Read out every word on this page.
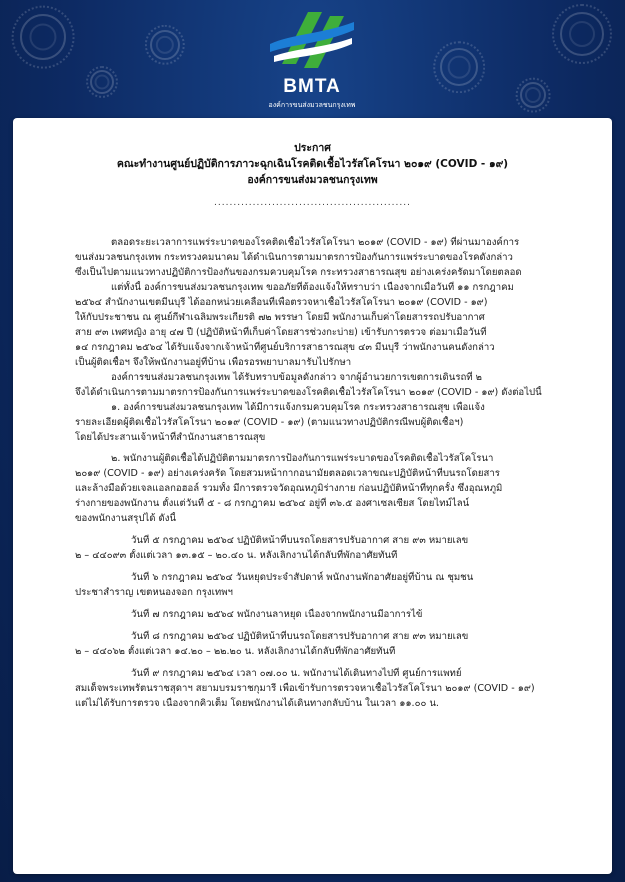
BMTA
องค์การขนส่งมวลชนกรุงเทพ
ประกาศ
คณะทำงานศูนย์ปฏิบัติการภาวะฉุกเฉินโรคติดเชื้อไวรัสโคโรนา ๒๐๑๙ (COVID - ๑๙)
องค์การขนส่งมวลชนกรุงเทพ
...................................................
ตลอดระยะเวลาการแพร่ระบาดของโรคติดเชื้อไวรัสโคโรนา ๒๐๑๙ (COVID - ๑๙) ที่ผ่านมาองค์การ
ขนส่งมวลชนกรุงเทพ กระทรวงคมนาคม ได้ดำเนินการตามมาตรการป้องกันการแพร่ระบาดของโรคดังกล่าว
ซึ่งเป็นไปตามแนวทางปฏิบัติการป้องกันของกรมควบคุมโรค กระทรวงสาธารณสุข อย่างเคร่งครัดมาโดยตลอด
แต่ทั้งนี้ องค์การขนส่งมวลชนกรุงเทพ ขออภัยที่ต้องแจ้งให้ทราบว่า เนื่องจากเมื่อวันที่ ๑๑ กรกฎาคม
๒๕๖๔ สำนักงานเขตมีนบุรี ได้ออกหน่วยเคลื่อนที่เพื่อตรวจหาเชื้อไวรัสโคโรนา ๒๐๑๙ (COVID - ๑๙)
ให้กับประชาชน ณ ศูนย์กีฬาเฉลิมพระเกียรติ ๗๒ พรรษา โดยมี พนักงานเก็บค่าโดยสารรถปรับอากาศ
สาย ๙๓ เพศหญิง อายุ ๔๗ ปี (ปฏิบัติหน้าที่เก็บค่าโดยสารช่วงกะบ่าย) เข้ารับการตรวจ ต่อมาเมื่อวันที่
๑๔ กรกฎาคม ๒๕๖๔ ได้รับแจ้งจากเจ้าหน้าที่ศูนย์บริการสาธารณสุข ๔๓ มีนบุรี ว่าพนักงานคนดังกล่าว
เป็นผู้ติดเชื้อฯ จึงให้พนักงานอยู่ที่บ้าน เพื่อรอรพยาบาลมารับไปรักษา
องค์การขนส่งมวลชนกรุงเทพ ได้รับทราบข้อมูลดังกล่าว จากผู้อำนวยการเขตการเดินรถที่ ๒
จึงได้ดำเนินการตามมาตรการป้องกันการแพร่ระบาดของโรคติดเชื้อไวรัสโคโรนา ๒๐๑๙ (COVID - ๑๙) ดังต่อไปนี้
๑. องค์การขนส่งมวลชนกรุงเทพ ได้มีการแจ้งกรมควบคุมโรค กระทรวงสาธารณสุข เพื่อแจ้ง
รายละเอียดผู้ติดเชื้อไวรัสโคโรนา ๒๐๑๙ (COVID - ๑๙) (ตามแนวทางปฏิบัติกรณีพบผู้ติดเชื้อฯ)
โดยได้ประสานเจ้าหน้าที่สำนักงานสาธารณสุข
๒. พนักงานผู้ติดเชื้อได้ปฏิบัติตามมาตรการป้องกันการแพร่ระบาดของโรคติดเชื้อไวรัสโคโรนา
๒๐๑๙ (COVID - ๑๙) อย่างเคร่งครัด โดยสวมหน้ากากอนามัยตลอดเวลาขณะปฏิบัติหน้าที่บนรถโดยสาร
และล้างมือด้วยเจลแอลกอฮอล์ รวมทั้ง มีการตรวจวัดอุณหภูมิร่างกาย ก่อนปฏิบัติหน้าที่ทุกครั้ง ซึ่งอุณหภูมิ
ร่างกายของพนักงาน ตั้งแต่วันที่ ๕ - ๘ กรกฎาคม ๒๕๖๔ อยู่ที่ ๓๖.๕ องศาเซลเซียส โดยไทม์ไลน์
ของพนักงานสรุปได้ ดังนี้
วันที่ ๕ กรกฎาคม ๒๕๖๔ ปฏิบัติหน้าที่บนรถโดยสารปรับอากาศ สาย ๙๓ หมายเลข
๒ – ๔๔๐๙๓ ตั้งแต่เวลา ๑๓.๑๕ – ๒๐.๔๐ น. หลังเลิกงานได้กลับที่พักอาศัยทันที
วันที่ ๖ กรกฎาคม ๒๕๖๔ วันหยุดประจำสัปดาห์ พนักงานพักอาศัยอยู่ที่บ้าน ณ ชุมชน
ประชาสำราญ เขตหนองจอก กรุงเทพฯ
วันที่ ๗ กรกฎาคม ๒๕๖๔ พนักงานลาหยุด เนื่องจากพนักงานมีอาการไข้
วันที่ ๘ กรกฎาคม ๒๕๖๔ ปฏิบัติหน้าที่บนรถโดยสารปรับอากาศ สาย ๙๓ หมายเลข
๒ – ๔๔๐๖๒ ตั้งแต่เวลา ๑๔.๒๐ – ๒๒.๒๐ น. หลังเลิกงานได้กลับที่พักอาศัยทันที
วันที่ ๙ กรกฎาคม ๒๕๖๔ เวลา ๐๗.๐๐ น. พนักงานได้เดินทางไปที่ ศูนย์การแพทย์
สมเด็จพระเทพรัตนราชสุดาฯ สยามบรมราชกุมารี เพื่อเข้ารับการตรวจหาเชื้อไวรัสโคโรนา ๒๐๑๙ (COVID - ๑๙)
แต่ไม่ได้รับการตรวจ เนื่องจากคิวเต็ม โดยพนักงานได้เดินทางกลับบ้าน ในเวลา ๑๑.๐๐ น.
